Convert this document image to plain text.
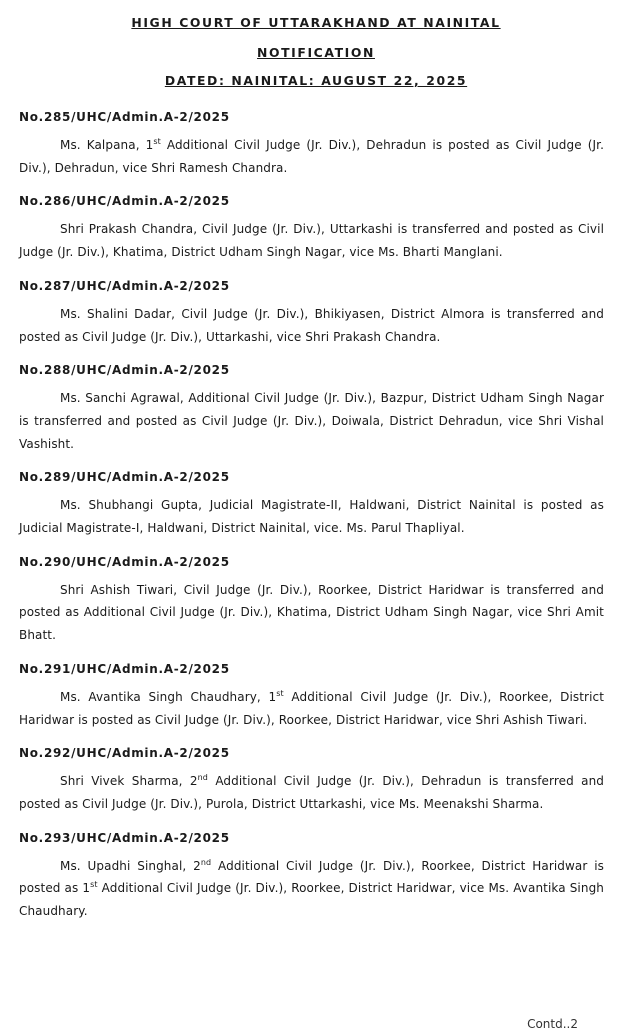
HIGH COURT OF UTTARAKHAND AT NAINITAL
NOTIFICATION
DATED: NAINITAL: AUGUST 22, 2025
No.285/UHC/Admin.A-2/2025
Ms. Kalpana, 1st Additional Civil Judge (Jr. Div.), Dehradun is posted as Civil Judge (Jr. Div.), Dehradun, vice Shri Ramesh Chandra.
No.286/UHC/Admin.A-2/2025
Shri Prakash Chandra, Civil Judge (Jr. Div.), Uttarkashi is transferred and posted as Civil Judge (Jr. Div.), Khatima, District Udham Singh Nagar, vice Ms. Bharti Manglani.
No.287/UHC/Admin.A-2/2025
Ms. Shalini Dadar, Civil Judge (Jr. Div.), Bhikiyasen, District Almora is transferred and posted as Civil Judge (Jr. Div.), Uttarkashi, vice Shri Prakash Chandra.
No.288/UHC/Admin.A-2/2025
Ms. Sanchi Agrawal, Additional Civil Judge (Jr. Div.), Bazpur, District Udham Singh Nagar is transferred and posted as Civil Judge (Jr. Div.), Doiwala, District Dehradun, vice Shri Vishal Vashisht.
No.289/UHC/Admin.A-2/2025
Ms. Shubhangi Gupta, Judicial Magistrate-II, Haldwani, District Nainital is posted as Judicial Magistrate-I, Haldwani, District Nainital, vice. Ms. Parul Thapliyal.
No.290/UHC/Admin.A-2/2025
Shri Ashish Tiwari, Civil Judge (Jr. Div.), Roorkee, District Haridwar is transferred and posted as Additional Civil Judge (Jr. Div.), Khatima, District Udham Singh Nagar, vice Shri Amit Bhatt.
No.291/UHC/Admin.A-2/2025
Ms. Avantika Singh Chaudhary, 1st Additional Civil Judge (Jr. Div.), Roorkee, District Haridwar is posted as Civil Judge (Jr. Div.), Roorkee, District Haridwar, vice Shri Ashish Tiwari.
No.292/UHC/Admin.A-2/2025
Shri Vivek Sharma, 2nd Additional Civil Judge (Jr. Div.), Dehradun is transferred and posted as Civil Judge (Jr. Div.), Purola, District Uttarkashi, vice Ms. Meenakshi Sharma.
No.293/UHC/Admin.A-2/2025
Ms. Upadhi Singhal, 2nd Additional Civil Judge (Jr. Div.), Roorkee, District Haridwar is posted as 1st Additional Civil Judge (Jr. Div.), Roorkee, District Haridwar, vice Ms. Avantika Singh Chaudhary.
Contd..2
